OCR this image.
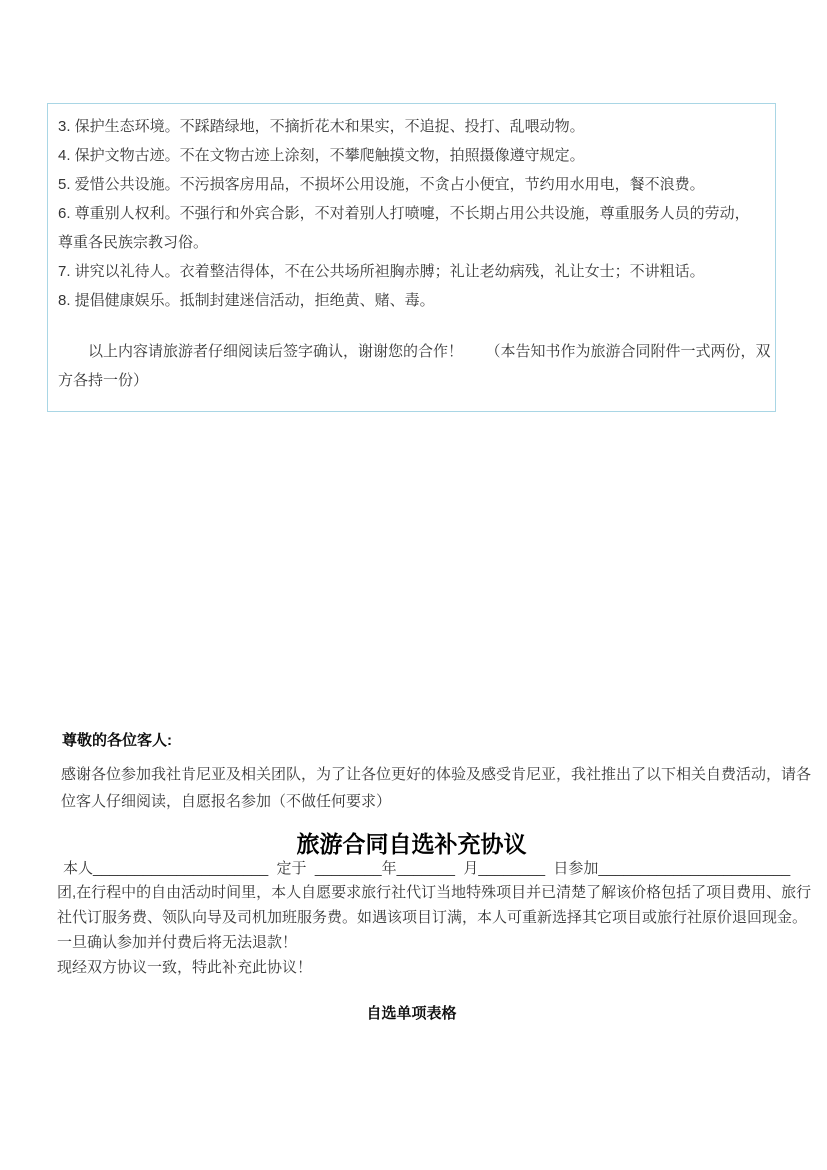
3. 保护生态环境。不踩踏绿地，不摘折花木和果实，不追捉、投打、乱喂动物。
4. 保护文物古迹。不在文物古迹上涂刻，不攀爬触摸文物，拍照摄像遵守规定。
5. 爱惜公共设施。不污损客房用品，不损坏公用设施，不贪占小便宜，节约用水用电，餐不浪费。
6. 尊重别人权利。不强行和外宾合影，不对着别人打喷嚏，不长期占用公共设施，尊重服务人员的劳动，
尊重各民族宗教习俗。
7. 讲究以礼待人。衣着整洁得体，不在公共场所袒胸赤膊；礼让老幼病残，礼让女士；不讲粗话。
8. 提倡健康娱乐。抵制封建迷信活动，拒绝黄、赌、毒。
以上内容请旅游者仔细阅读后签字确认，谢谢您的合作！　　（本告知书作为旅游合同附件一式两份，双
方各持一份）
尊敬的各位客人:
感谢各位参加我社肯尼亚及相关团队，为了让各位更好的体验及感受肯尼亚，我社推出了以下相关自费活动，请各
位客人仔细阅读，自愿报名参加（不做任何要求）
旅游合同自选补充协议
本人_____________________  定于  ________年_______  月________  日参加_______________________
团,在行程中的自由活动时间里，本人自愿要求旅行社代订当地特殊项目并已清楚了解该价格包括了项目费用、旅行
社代订服务费、领队向导及司机加班服务费。如遇该项目订满，本人可重新选择其它项目或旅行社原价退回现金。
一旦确认参加并付费后将无法退款！
现经双方协议一致，特此补充此协议！
自选单项表格
